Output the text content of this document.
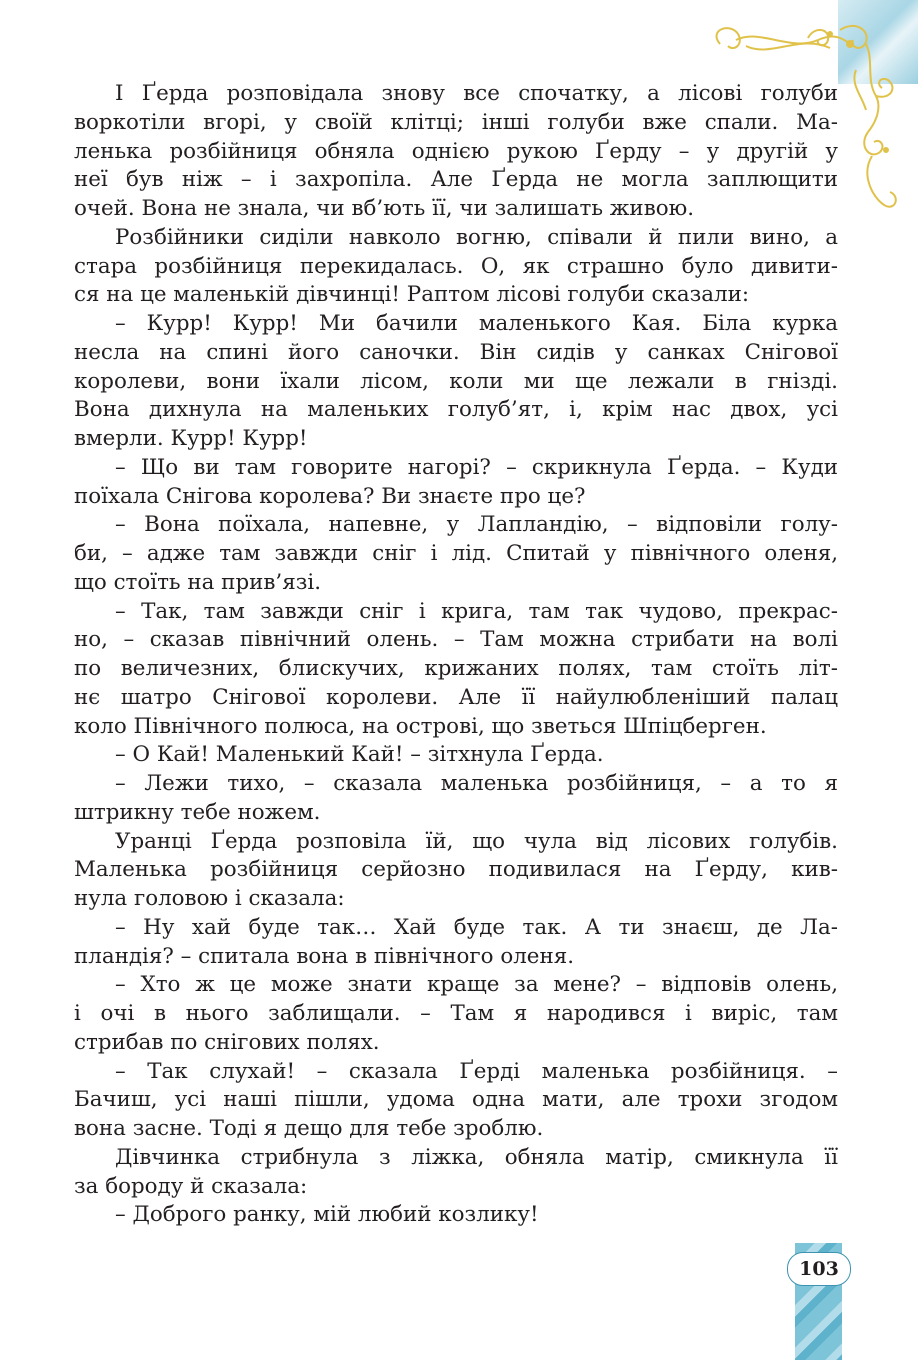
І Ґерда розповідала знову все спочатку, а лісові голуби

воркотіли вгорі, у своїй клітці; інші голуби вже спали. Ма-

ленька розбійниця обняла однією рукою Ґерду – у другій у

неї був ніж – і захропіла. Але Ґерда не могла заплющити

очей. Вона не знала, чи вб’ють її, чи залишать живою.

Розбійники сиділи навколо вогню, співали й пили вино, а

стара розбійниця перекидалась. О, як страшно було дивити-

ся на це маленькій дівчинці! Раптом лісові голуби сказали:

– Курр! Курр! Ми бачили маленького Кая. Біла курка

несла на спині його саночки. Він сидів у санках Снігової

королеви, вони їхали лісом, коли ми ще лежали в гнізді.

Вона дихнула на маленьких голуб’ят, і, крім нас двох, усі

вмерли. Курр! Курр!

– Що ви там говорите нагорі? – скрикнула Ґерда. – Куди

поїхала Снігова королева? Ви знаєте про це?

– Вона поїхала, напевне, у Лапландію, – відповіли голу-

би, – адже там завжди сніг і лід. Спитай у північного оленя,

що стоїть на прив’язі.

– Так, там завжди сніг і крига, там так чудово, прекрас-

но, – сказав північний олень. – Там можна стрибати на волі

по величезних, блискучих, крижаних полях, там стоїть літ-

нє шатро Снігової королеви. Але її найулюбленіший палац

коло Північного полюса, на острові, що зветься Шпіцберген.

– О Кай! Маленький Кай! – зітхнула Ґерда.

– Лежи тихо, – сказала маленька розбійниця, – а то я

штрикну тебе ножем.

Уранці Ґерда розповіла їй, що чула від лісових голубів.

Маленька розбійниця серйозно подивилася на Ґерду, кив-

нула головою і сказала:

– Ну хай буде так… Хай буде так. А ти знаєш, де Ла-

пландія? – спитала вона в північного оленя.

– Хто ж це може знати краще за мене? – відповів олень,

і очі в нього заблищали. – Там я народився і виріс, там

стрибав по снігових полях.

– Так слухай! – сказала Ґерді маленька розбійниця. –

Бачиш, усі наші пішли, удома одна мати, але трохи згодом

вона засне. Тоді я дещо для тебе зроблю.

Дівчинка стрибнула з ліжка, обняла матір, смикнула її

за бороду й сказала:

– Доброго ранку, мій любий козлику!

103
